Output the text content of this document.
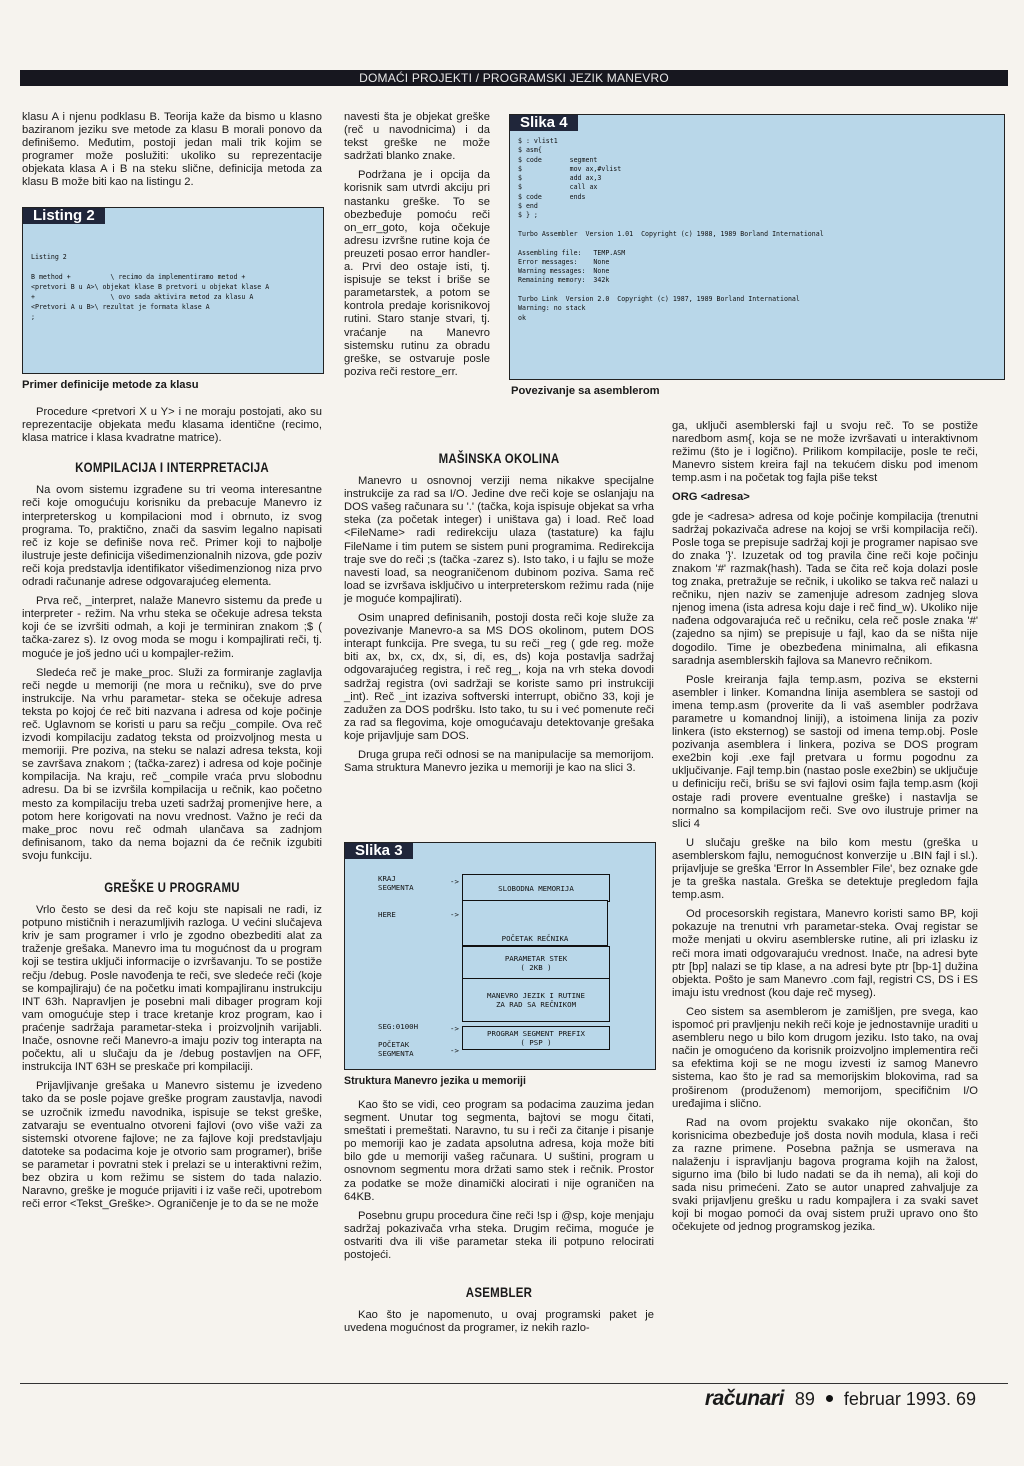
DOMAĆI PROJEKTI / PROGRAMSKI JEZIK MANEVRO

klasu A i njenu podklasu B. Teorija kaže da bismo u klasno baziranom jeziku sve metode za klasu B morali ponovo da definišemo. Međutim, postoji jedan mali trik kojim se programer može poslužiti: ukoliko su reprezentacije objekata klasa A i B na steku slične, definicija metoda za klasu B može biti kao na listingu 2.

Listing 2
Listing 2

B method +          \ recimo da implementiramo metod +
<pretvori B u A>\ objekat klase B pretvori u objekat klase A
+                   \ ovo sada aktivira metod za klasu A
<Pretvori A u B>\ rezultat je formata klase A
;
Primer definicije metode za klasu

Procedure <pretvori X u Y> i ne moraju postojati, ako su reprezentacije objekata među klasama identične (recimo, klasa matrice i klasa kvadratne matrice).

KOMPILACIJA I INTERPRETACIJA

Na ovom sistemu izgrađene su tri veoma interesantne reči koje omogućuju korisniku da prebacuje Manevro iz interpreterskog u kompilacioni mod i obrnuto, iz svog programa. To, praktično, znači da sasvim legalno napisati reč iz koje se definiše nova reč. Primer koji to najbolje ilustruje jeste definicija višedimenzionalnih nizova, gde poziv reči koja predstavlja identifikator višedimenzionog niza prvo odradi računanje adrese odgovarajućeg elementa.

Prva reč, _interpret, nalaže Manevro sistemu da pređe u interpreter - režim. Na vrhu steka se očekuje adresa teksta koji će se izvršiti odmah, a koji je terminiran znakom ;$ ( tačka-zarez s). Iz ovog moda se mogu i kompajlirati reči, tj. moguće je još jedno ući u kompajler-režim.

Sledeća reč je make_proc. Služi za formiranje zaglavlja reči negde u memoriji (ne mora u rečniku), sve do prve instrukcije. Na vrhu parametar- steka se očekuje adresa teksta po kojoj će reč biti nazvana i adresa od koje počinje reč. Uglavnom se koristi u paru sa rečju _compile. Ova reč izvodi kompilaciju zadatog teksta od proizvoljnog mesta u memoriji. Pre poziva, na steku se nalazi adresa teksta, koji se završava znakom ; (tačka-zarez) i adresa od koje počinje kompilacija. Na kraju, reč _compile vraća prvu slobodnu adresu. Da bi se izvršila kompilacija u rečnik, kao početno mesto za kompilaciju treba uzeti sadržaj promenjive here, a potom here korigovati na novu vrednost. Važno je reći da make_proc novu reč odmah ulančava sa zadnjom definisanom, tako da nema bojazni da će rečnik izgubiti svoju funkciju.

GREŠKE U PROGRAMU

Vrlo često se desi da reč koju ste napisali ne radi, iz potpuno mističnih i nerazumljivih razloga. U većini slučajeva kriv je sam programer i vrlo je zgodno obezbediti alat za traženje grešaka. Manevro ima tu mogućnost da u program koji se testira uključi informacije o izvršavanju. To se postiže rečju /debug. Posle navođenja te reči, sve sledeće reči (koje se kompajliraju) će na početku imati kompajliranu instrukciju INT 63h. Napravljen je posebni mali dibager program koji vam omogućuje step i trace kretanje kroz program, kao i praćenje sadržaja parametar-steka i proizvoljnih varijabli. Inače, osnovne reči Manevro-a imaju poziv tog interapta na počektu, ali u slučaju da je /debug postavljen na OFF, instrukcija INT 63H se preskače pri kompilaciji.

Prijavljivanje grešaka u Manevro sistemu je izvedeno tako da se posle pojave greške program zaustavlja, navodi se uzročnik između navodnika, ispisuje se tekst greške, zatvaraju se eventualno otvoreni fajlovi (ovo više važi za sistemski otvorene fajlove; ne za fajlove koji predstavljaju datoteke sa podacima koje je otvorio sam programer), briše se parametar i povratni stek i prelazi se u interaktivni režim, bez obzira u kom režimu se sistem do tada nalazio. Naravno, greške je moguće prijaviti i iz vaše reči, upotrebom reči error <Tekst_Greške>. Ograničenje je to da se ne može

navesti šta je objekat greške (reč u navodnicima) i da tekst greške ne može sadržati blanko znake.

Podržana je i opcija da korisnik sam utvrdi akciju pri nastanku greške. To se obezbeđuje pomoću reči on_err_goto, koja očekuje adresu izvršne rutine koja će preuzeti posao error handler-a. Prvi deo ostaje isti, tj. ispisuje se tekst i briše se parametarstek, a potom se kontrola predaje korisnikovoj rutini. Staro stanje stvari, tj. vraćanje na Manevro sistemsku rutinu za obradu greške, se ostvaruje posle poziva reči restore_err.

Slika 4
$ : vlist1
$ asm{
$ code       segment
$            mov ax,#vlist
$            add ax,3
$            call ax
$ code       ends
$ end
$ } ;

Turbo Assembler  Version 1.01  Copyright (c) 1988, 1989 Borland International

Assembling file:   TEMP.ASM
Error messages:    None
Warning messages:  None
Remaining memory:  342k

Turbo Link  Version 2.0  Copyright (c) 1987, 1989 Borland International
Warning: no stack
ok
Povezivanje sa asemblerom
MAŠINSKA OKOLINA

Manevro u osnovnoj verziji nema nikakve specijalne instrukcije za rad sa I/O. Jedine dve reči koje se oslanjaju na DOS vašeg računara su '.' (tačka, koja ispisuje objekat sa vrha steka (za početak integer) i uništava ga) i load. Reč load <FileName> radi redirekciju ulaza (tastature) ka fajlu FileName i tim putem se sistem puni programima. Redirekcija traje sve do reči ;s (tačka -zarez s). Isto tako, i u fajlu se može navesti load, sa neograničenom dubinom poziva. Sama reč load se izvršava isključivo u interpreterskom režimu rada (nije je moguće kompajlirati).

Osim unapred definisanih, postoji dosta reči koje služe za povezivanje Manevro-a sa MS DOS okolinom, putem DOS interapt funkcija. Pre svega, tu su reči _reg ( gde reg. može biti ax, bx, cx, dx, si, di, es, ds) koja postavlja sadržaj odgovarajućeg registra, i reč reg_, koja na vrh steka dovodi sadržaj registra (ovi sadržaji se koriste samo pri instrukciji _int). Reč _int izaziva softverski interrupt, obično 33, koji je zadužen za DOS podršku. Isto tako, tu su i već pomenute reči za rad sa flegovima, koje omogućavaju detektovanje grešaka koje prijavljuje sam DOS.

Druga grupa reči odnosi se na manipulacije sa memorijom. Sama struktura Manevro jezika u memoriji je kao na slici 3.

Slika 3
KRAJ
SEGMENTA
HERE
SEG:0100H
POČETAK
SEGMENTA
->
->
->
->
SLOBODNA MEMORIJA
POČETAK REČNIKA
PARAMETAR STEK
( 2KB )
MANEVRO JEZIK I RUTINE
ZA RAD SA REČNIKOM
PROGRAM SEGMENT PREFIX
( PSP )
Struktura Manevro jezika u memoriji

Kao što se vidi, ceo program sa podacima zauzima jedan segment. Unutar tog segmenta, bajtovi se mogu čitati, smeštati i premeštati. Naravno, tu su i reči za čitanje i pisanje po memoriji kao je zadata apsolutna adresa, koja može biti bilo gde u memoriji vašeg računara. U suštini, program u osnovnom segmentu mora držati samo stek i rečnik. Prostor za podatke se može dinamički alocirati i nije ograničen na 64KB.

Posebnu grupu procedura čine reči !sp i @sp, koje menjaju sadržaj pokazivača vrha steka. Drugim rečima, moguće je ostvariti dva ili više parametar steka ili potpuno relocirati postojeći.

ASEMBLER

Kao što je napomenuto, u ovaj programski paket je uvedena mogućnost da programer, iz nekih razlo-

ga, uključi asemblerski fajl u svoju reč. To se postiže naredbom asm{, koja se ne može izvršavati u interaktivnom režimu (što je i logično). Prilikom kompilacije, posle te reči, Manevro sistem kreira fajl na tekućem disku pod imenom temp.asm i na početak tog fajla piše tekst

ORG <adresa>

gde je <adresa> adresa od koje počinje kompilacija (trenutni sadržaj pokazivača adrese na kojoj se vrši kompilacija reči). Posle toga se prepisuje sadržaj koji je programer napisao sve do znaka '}'. Izuzetak od tog pravila čine reči koje počinju znakom '#' razmak(hash). Tada se čita reč koja dolazi posle tog znaka, pretražuje se rečnik, i ukoliko se takva reč nalazi u rečniku, njen naziv se zamenjuje adresom zadnjeg slova njenog imena (ista adresa koju daje i reč find_w). Ukoliko nije nađena odgovarajuća reč u rečniku, cela reč posle znaka '#' (zajedno sa njim) se prepisuje u fajl, kao da se ništa nije dogodilo. Time je obezbeđena minimalna, ali efikasna saradnja asemblerskih fajlova sa Manevro rečnikom.

Posle kreiranja fajla temp.asm, poziva se eksterni asembler i linker. Komandna linija asemblera se sastoji od imena temp.asm (proverite da li vaš asembler podržava parametre u komandnoj liniji), a istoimena linija za poziv linkera (isto eksternog) se sastoji od imena temp.obj. Posle pozivanja asemblera i linkera, poziva se DOS program exe2bin koji .exe fajl pretvara u formu pogodnu za uključivanje. Fajl temp.bin (nastao posle exe2bin) se uključuje u definiciju reči, brišu se svi fajlovi osim fajla temp.asm (koji ostaje radi provere eventualne greške) i nastavlja se normalno sa kompilacijom reči. Sve ovo ilustruje primer na slici 4

U slučaju greške na bilo kom mestu (greška u asemblerskom fajlu, nemogućnost konverzije u .BIN fajl i sl.). prijavljuje se greška 'Error In Assembler File', bez oznake gde je ta greška nastala. Greška se detektuje pregledom fajla temp.asm.

Od procesorskih registara, Manevro koristi samo BP, koji pokazuje na trenutni vrh parametar-steka. Ovaj registar se može menjati u okviru asemblerske rutine, ali pri izlasku iz reči mora imati odgovarajuću vrednost. Inače, na adresi byte ptr [bp] nalazi se tip klase, a na adresi byte ptr [bp-1] dužina objekta. Pošto je sam Manevro .com fajl, registri CS, DS i ES imaju istu vrednost (kou daje reč myseg).

Ceo sistem sa asemblerom je zamišljen, pre svega, kao ispomoć pri pravljenju nekih reči koje je jednostavnije uraditi u asembleru nego u bilo kom drugom jeziku. Isto tako, na ovaj način je omogućeno da korisnik proizvoljno implementira reči sa efektima koji se ne mogu izvesti iz samog Manevro sistema, kao što je rad sa memorijskim blokovima, rad sa proširenom (produženom) memorijom, specifičnim I/O uređajima i slično.

Rad na ovom projektu svakako nije okončan, što korisnicima obezbeđuje još dosta novih modula, klasa i reči za razne primene. Posebna pažnja se usmerava na nalaženju i ispravljanju bagova programa kojih na žalost, sigurno ima (bilo bi ludo nadati se da ih nema), ali koji do sada nisu primećeni. Zato se autor unapred zahvaljuje za svaki prijavljenu grešku u radu kompajlera i za svaki savet koji bi mogao pomoći da ovaj sistem pruži upravo ono što očekujete od jednog programskog jezika.

računari 89 februar 1993. 69
